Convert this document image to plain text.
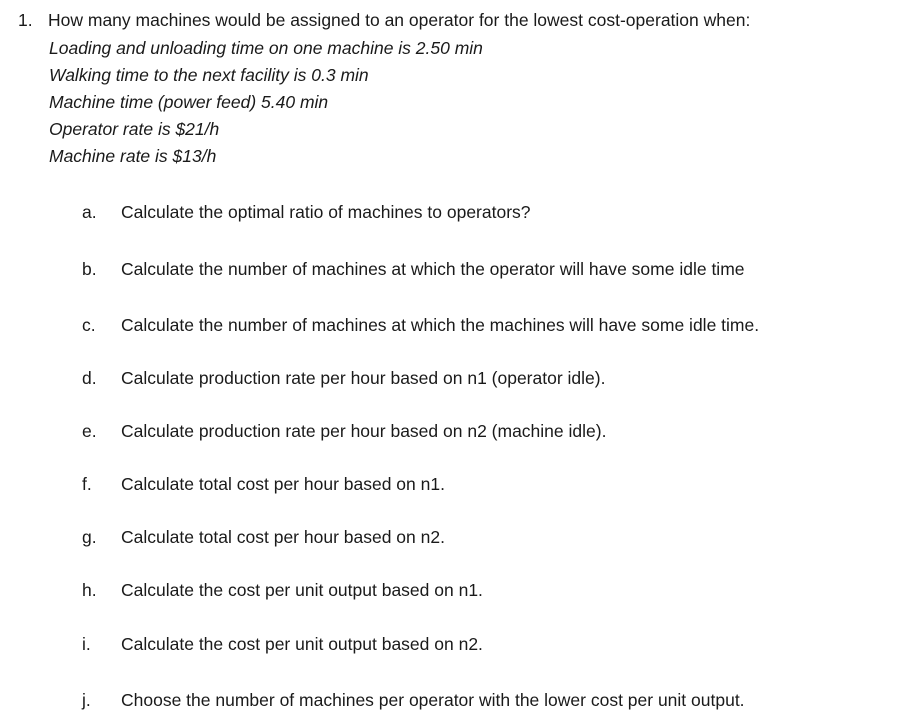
1. How many machines would be assigned to an operator for the lowest cost-operation when:
Loading and unloading time on one machine is 2.50 min
Walking time to the next facility is 0.3 min
Machine time (power feed) 5.40 min
Operator rate is $21/h
Machine rate is $13/h
a.	Calculate the optimal ratio of machines to operators?
b.	Calculate the number of machines at which the operator will have some idle time
c.	Calculate the number of machines at which the machines will have some idle time.
d.	Calculate production rate per hour based on n1 (operator idle).
e.	Calculate production rate per hour based on n2 (machine idle).
f.	Calculate total cost per hour based on n1.
g.	Calculate total cost per hour based on n2.
h.	Calculate the cost per unit output based on n1.
i.	Calculate the cost per unit output based on n2.
j.	Choose the number of machines per operator with the lower cost per unit output.
